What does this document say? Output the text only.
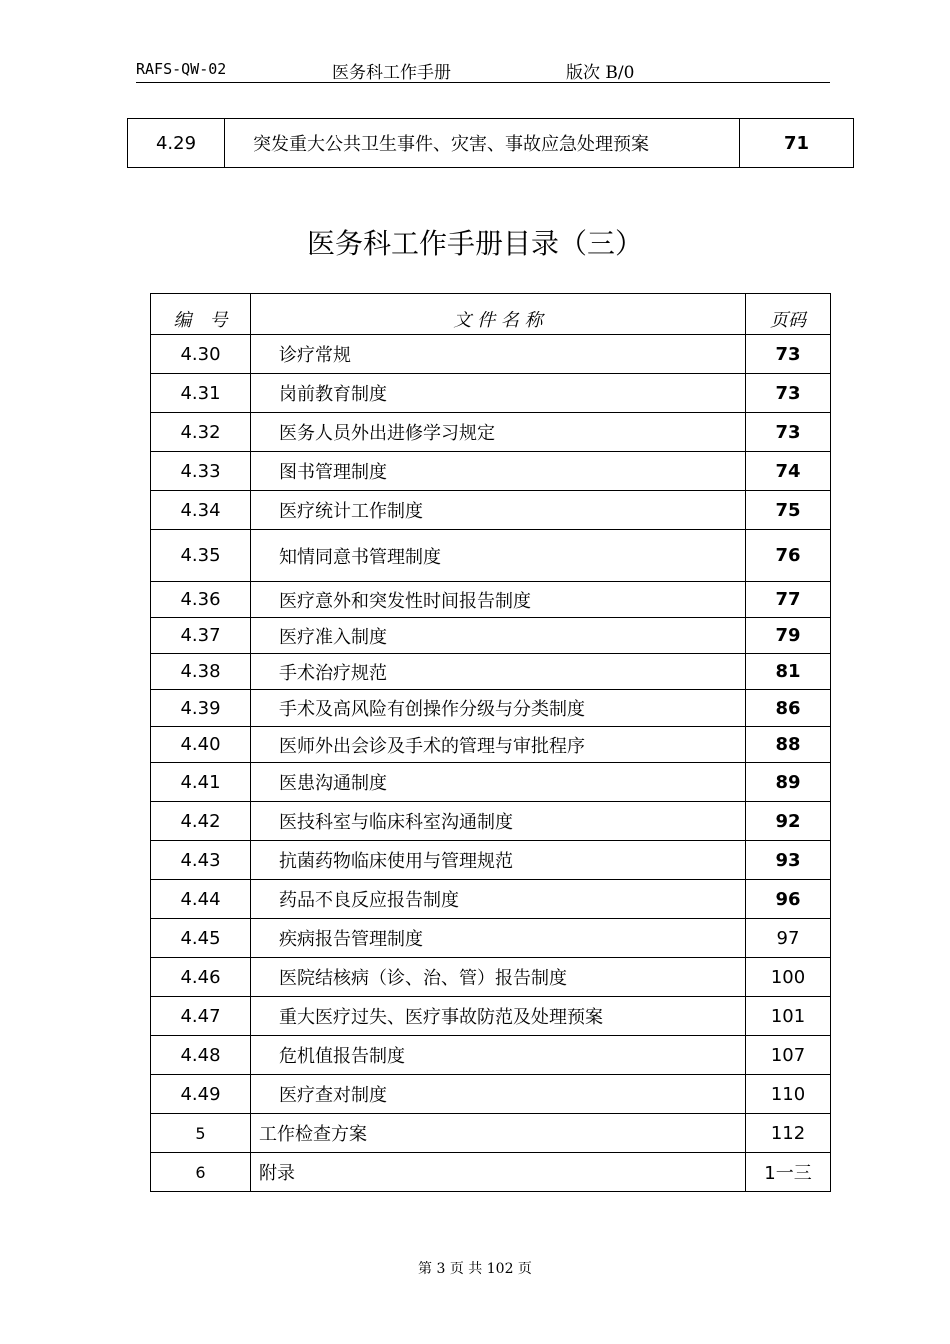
RAFS-QW-02	医务科工作手册	版次 B/0
4.29	突发重大公共卫生事件、灾害、事故应急处理预案	71
医务科工作手册目录（三）
编　号	文 件 名 称	页码
4.30	诊疗常规	73
4.31	岗前教育制度	73
4.32	医务人员外出进修学习规定	73
4.33	图书管理制度	74
4.34	医疗统计工作制度	75
4.35	知情同意书管理制度	76
4.36	医疗意外和突发性时间报告制度	77
4.37	医疗准入制度	79
4.38	手术治疗规范	81
4.39	手术及高风险有创操作分级与分类制度	86
4.40	医师外出会诊及手术的管理与审批程序	88
4.41	医患沟通制度	89
4.42	医技科室与临床科室沟通制度	92
4.43	抗菌药物临床使用与管理规范	93
4.44	药品不良反应报告制度	96
4.45	疾病报告管理制度	97
4.46	医院结核病（诊、治、管）报告制度	100
4.47	重大医疗过失、医疗事故防范及处理预案	101
4.48	危机值报告制度	107
4.49	医疗查对制度	110
5	工作检查方案	112
6	附录	1一三
第 3 页 共 102 页
